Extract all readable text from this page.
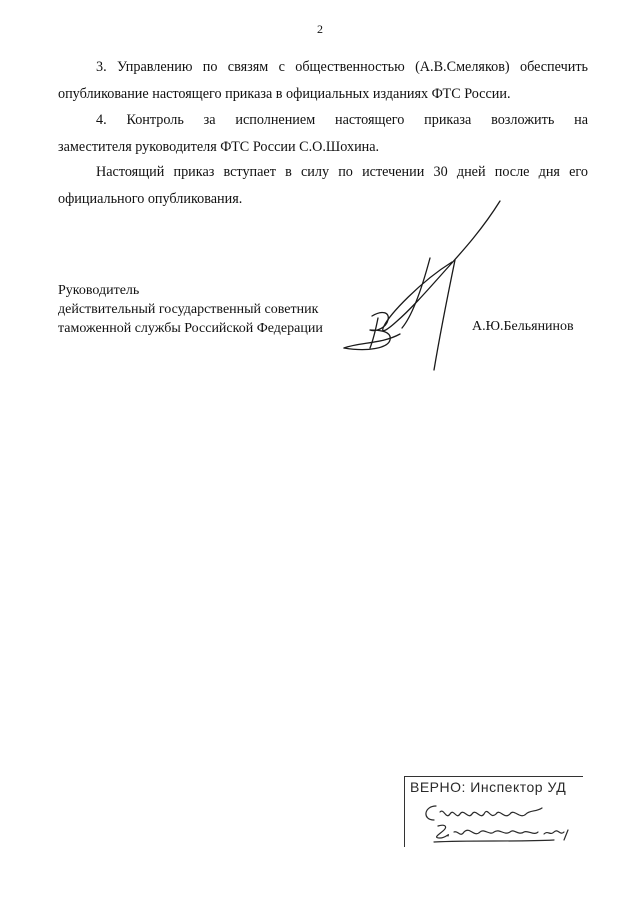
2

3. Управлению по связям с общественностью (А.В.Смеляков) обеспечить
опубликование настоящего приказа в официальных изданиях ФТС России.

4. Контроль за исполнением настоящего приказа возложить на
заместителя руководителя ФТС России С.О.Шохина.

Настоящий приказ вступает в силу по истечении 30 дней после дня его
официального опубликования.

Руководитель
действительный государственный советник
таможенной службы Российской Федерации	А.Ю.Бельянинов
ВЕРНО: Инспектор УД
